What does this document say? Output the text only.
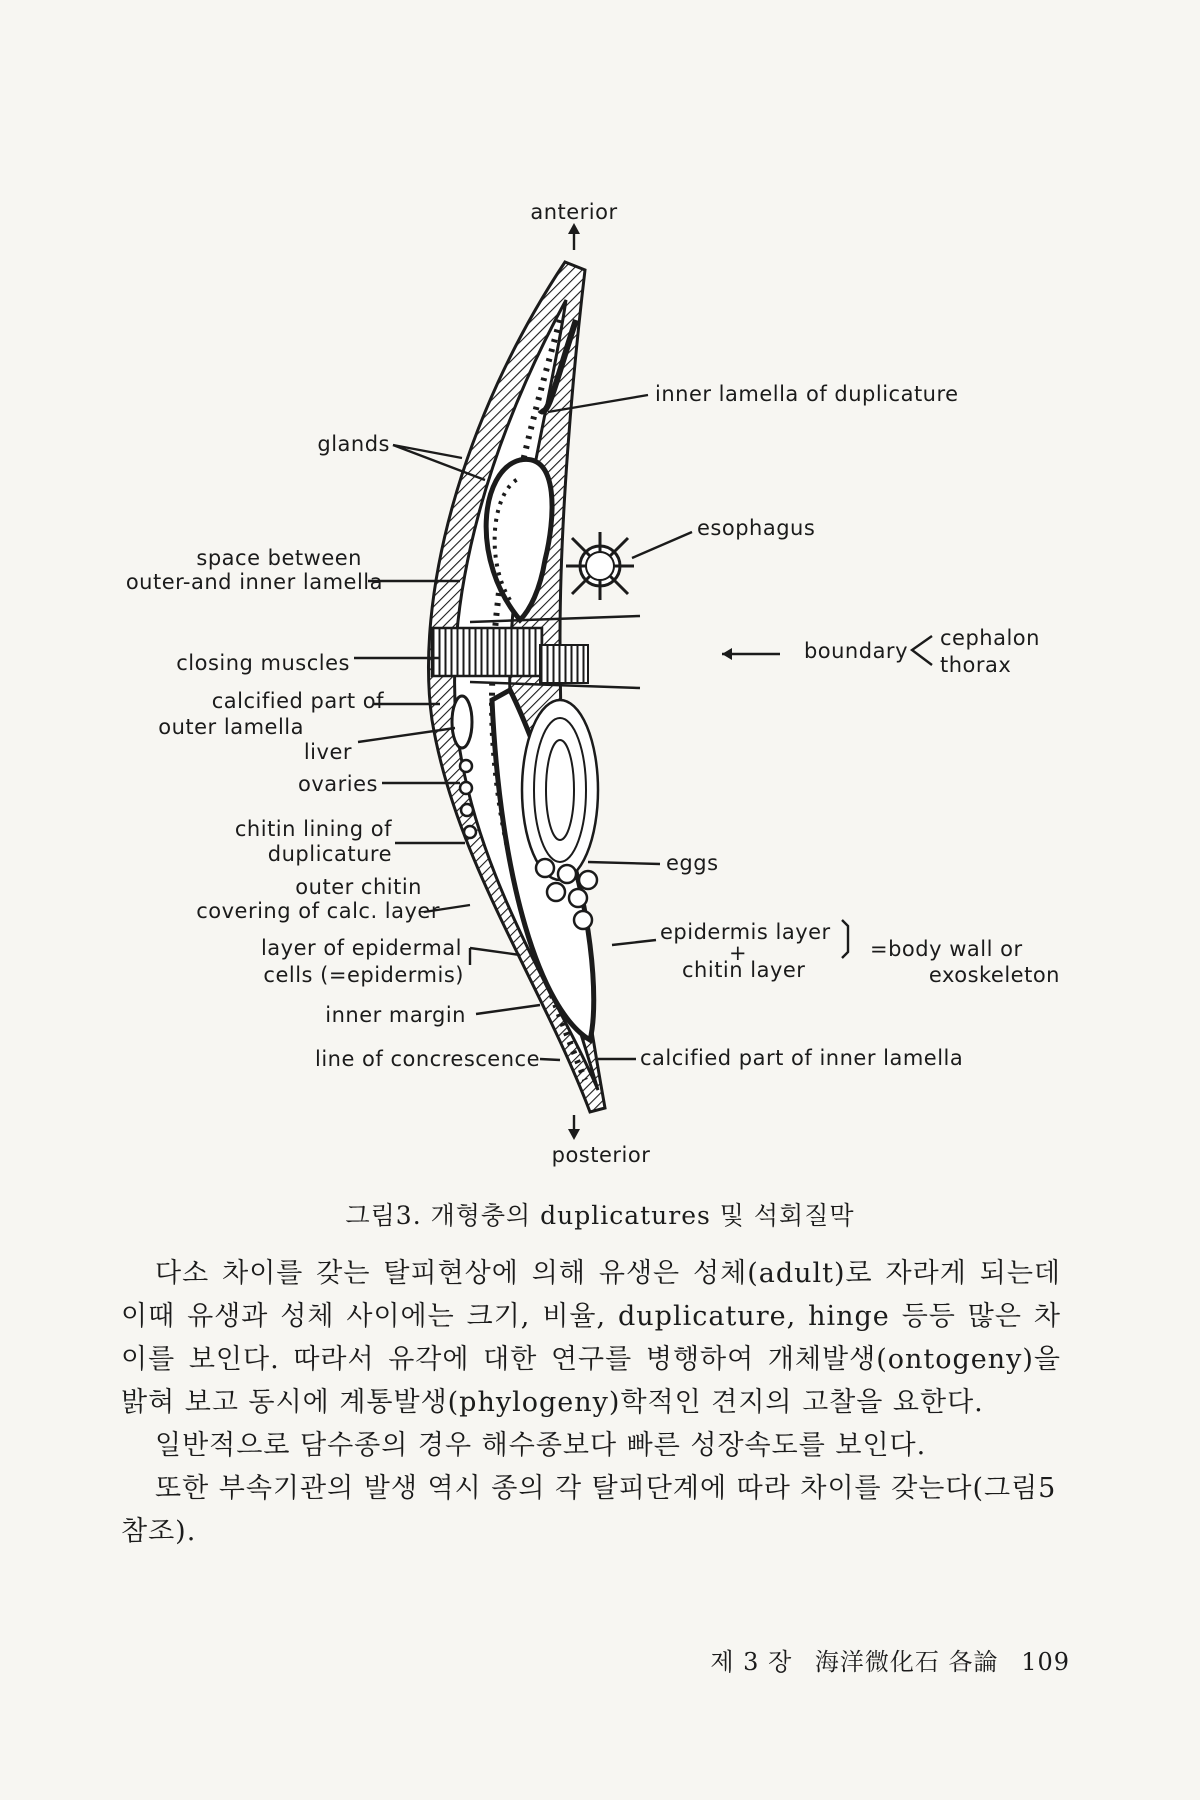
anterior
inner lamella of duplicature
glands
esophagus
space between
outer-and inner lamella
closing muscles	boundary
cephalon
thorax
calcified part of
outer lamella
liver
ovaries
chitin lining of
duplicature	eggs
outer chitin
covering of calc. layer
layer of epidermal
cells (=epidermis)
epidermis layer
+
chitin layer
=body wall or
exoskeleton
inner margin
line of concrescence	calcified part of inner lamella
posterior
그림3. 개형충의 duplicatures 및 석회질막

다소 차이를 갖는 탈피현상에 의해 유생은 성체(adult)로 자라게 되는데 이때 유생과 성체 사이에는 크기, 비율, duplicature, hinge 등등 많은 차이를 보인다. 따라서 유각에 대한 연구를 병행하여 개체발생(ontogeny)을 밝혀 보고 동시에 계통발생(phylogeny)학적인 견지의 고찰을 요한다.

일반적으로 담수종의 경우 해수종보다 빠른 성장속도를 보인다.

또한 부속기관의 발생 역시 종의 각 탈피단계에 따라 차이를 갖는다(그림5 참조).

제 3 장 海洋微化石 各論 109
